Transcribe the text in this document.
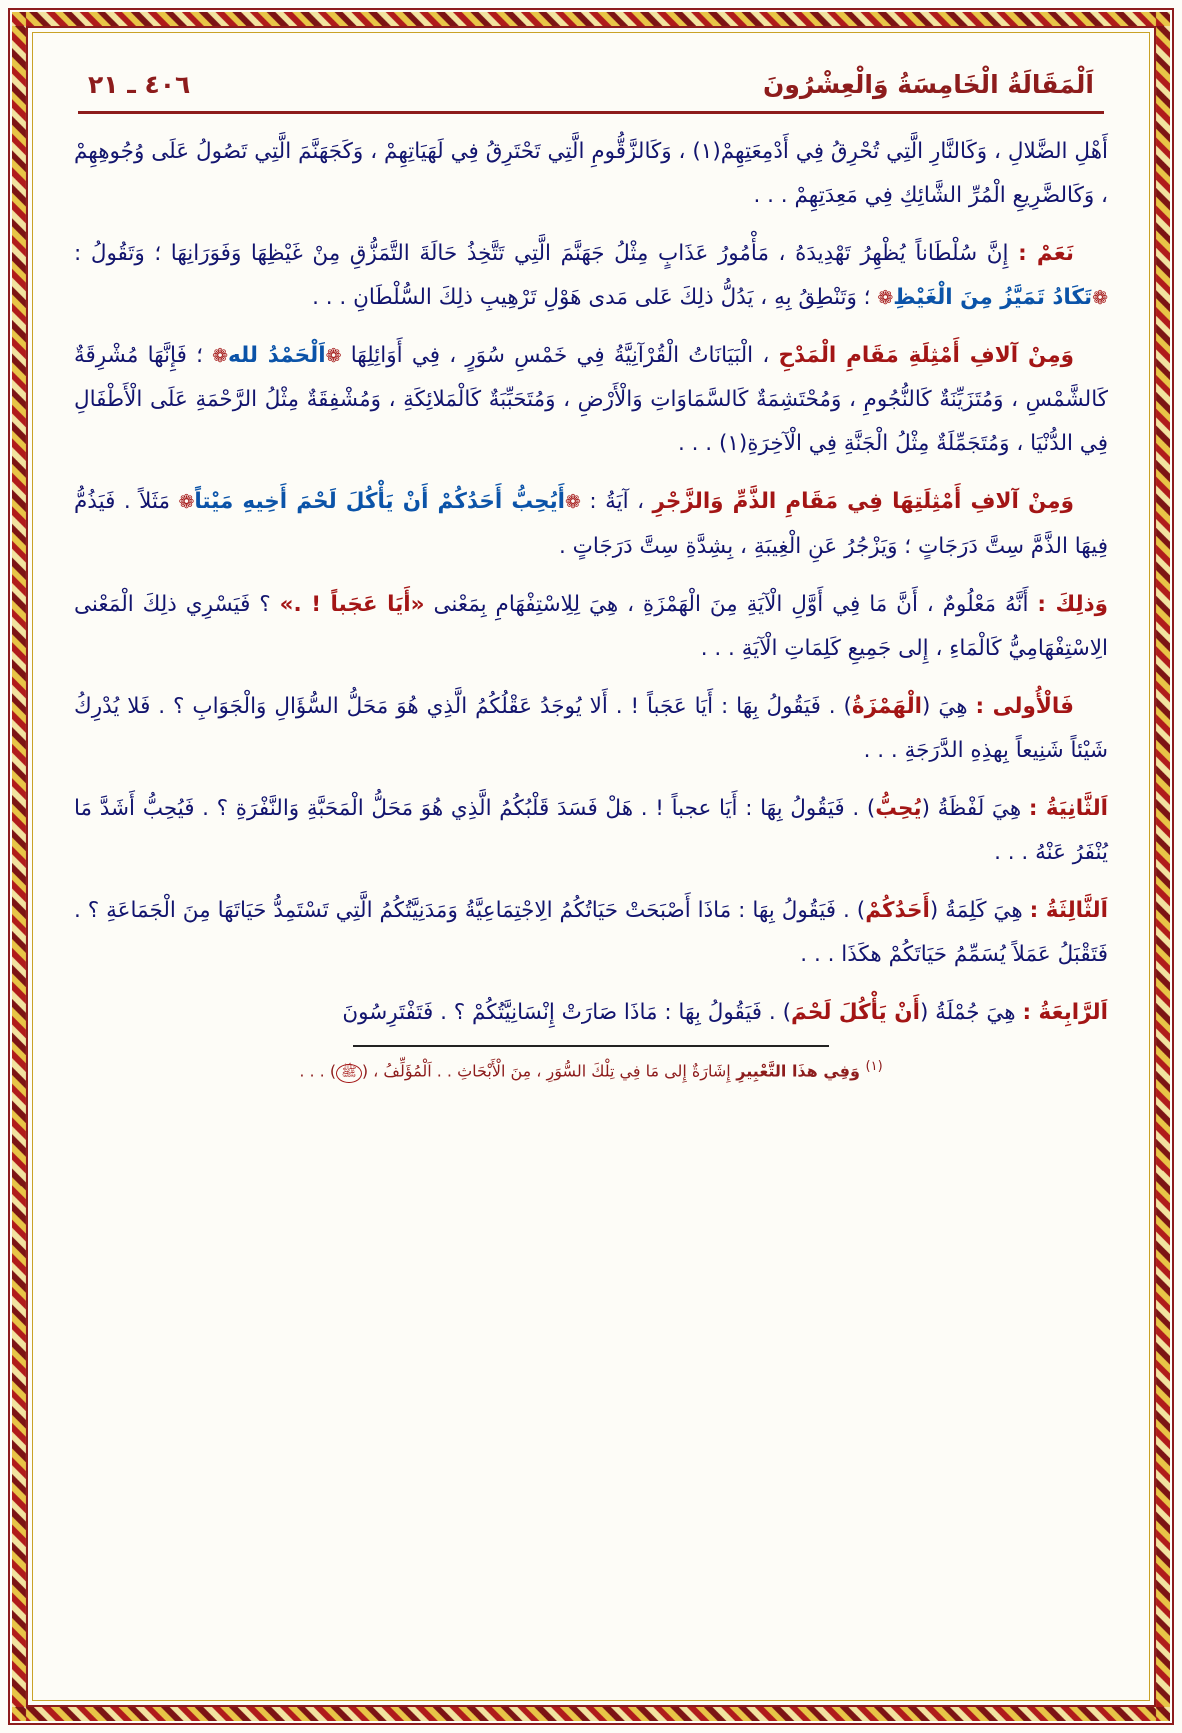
اَلْمَقَالَةُ الْخَامِسَةُ وَالْعِشْرُونَ
٤٠٦ ـ ٢١

أَهْلِ الضَّلالِ ، وَكَالنَّارِ الَّتِي تُحْرِقُ فِي أَدْمِعَتِهِمْ(١) ، وَكَالزَّقُّومِ الَّتِي تَحْتَرِقُ فِي لَهَيَاتِهِمْ ، وَكَجَهَنَّمَ الَّتِي تَصُولُ عَلَى وُجُوهِهِمْ ، وَكَالضَّرِيعِ الْمُرِّ الشَّائِكِ فِي مَعِدَتِهِمْ . . .

نَعَمْ : إِنَّ سُلْطَاناً يُظْهِرُ تَهْدِيدَهُ ، مَأْمُورُ عَذَابٍ مِثْلُ جَهَنَّمَ الَّتِي تَتَّخِذُ حَالَةَ التَّمَزُّقِ مِنْ غَيْظِهَا وَفَوَرَانِهَا ؛ وَتَقُولُ : ❁تَكَادُ تَمَيَّزُ مِنَ الْغَيْظِ❁ ؛ وَتَنْطِقُ بِهِ ، يَدُلُّ ذلِكَ عَلى مَدى هَوْلِ تَرْهِيبِ ذلِكَ السُّلْطَانِ . . .

وَمِنْ آلافِ أَمْثِلَةِ مَقَامِ الْمَدْحِ ، الْبَيَانَاتُ الْقُرْآنِيَّةُ فِي خَمْسِ سُوَرٍ ، فِي أَوَائِلِهَا ❁اَلْحَمْدُ لله❁ ؛ فَإِنَّهَا مُشْرِقَةٌ كَالشَّمْسِ ، وَمُتَزَيِّنَةٌ كَالنُّجُومِ ، وَمُحْتَشِمَةٌ كَالسَّمَاوَاتِ وَالْأَرْضِ ، وَمُتَحَبِّبَةٌ كَالْمَلائِكَةِ ، وَمُشْفِقَةٌ مِثْلُ الرَّحْمَةِ عَلَى الْأَطْفَالِ فِي الدُّنْيَا ، وَمُتَجَمِّلَةٌ مِثْلُ الْجَنَّةِ فِي الْآخِرَةِ(١) . . .

وَمِنْ آلافِ أَمْثِلَتِهَا فِي مَقَامِ الذَّمِّ وَالزَّجْرِ ، آيَةُ : ❁أَيُحِبُّ أَحَدُكُمْ أَنْ يَأْكُلَ لَحْمَ أَخِيهِ مَيْتاً❁ مَثَلاً . فَيَذُمُّ فِيهَا الذَّمَّ سِتَّ دَرَجَاتٍ ؛ وَيَزْجُرُ عَنِ الْغِيبَةِ ، بِشِدَّةِ سِتَّ دَرَجَاتٍ .

وَذلِكَ : أَنَّهُ مَعْلُومٌ ، أَنَّ مَا فِي أَوَّلِ الْآيَةِ مِنَ الْهَمْزَةِ ، هِيَ لِلِاسْتِفْهَامِ بِمَعْنى «أَيَا عَجَباً ! .» ؟ فَيَسْرِي ذلِكَ الْمَعْنى الِاسْتِفْهَامِيُّ كَالْمَاءِ ، إِلى جَمِيعِ كَلِمَاتِ الْآيَةِ . . .

فَالْأُولى : هِيَ (الْهَمْزَةُ) . فَيَقُولُ بِهَا : أَيَا عَجَباً ! . أَلا يُوجَدُ عَقْلُكُمُ الَّذِي هُوَ مَحَلُّ السُّؤَالِ وَالْجَوَابِ ؟ . فَلا يُدْرِكُ شَيْئاً شَنِيعاً بِهذِهِ الدَّرَجَةِ . . .

اَلثَّانِيَةُ : هِيَ لَفْظَةُ (يُحِبُّ) . فَيَقُولُ بِهَا : أَيَا عجباً ! . هَلْ فَسَدَ قَلْبُكُمُ الَّذِي هُوَ مَحَلُّ الْمَحَبَّةِ وَالنَّفْرَةِ ؟ . فَيُحِبُّ أَشَدَّ مَا يُنْفَرُ عَنْهُ . . .

اَلثَّالِثَةُ : هِيَ كَلِمَةُ (أَحَدُكُمْ) . فَيَقُولُ بِهَا : مَاذَا أَصْبَحَتْ حَيَاتُكُمُ الِاجْتِمَاعِيَّةُ وَمَدَنِيَّتُكُمُ الَّتِي تَسْتَمِدُّ حَيَاتَهَا مِنَ الْجَمَاعَةِ ؟ . فَتَقْبَلُ عَمَلاً يُسَمِّمُ حَيَاتَكُمْ هكَذَا . . .

اَلرَّابِعَةُ : هِيَ جُمْلَةُ (أَنْ يَأْكُلَ لَحْمَ) . فَيَقُولُ بِهَا : مَاذَا صَارَتْ إِنْسَانِيَّتُكُمْ ؟ . فَتَفْتَرِسُونَ

$^{(١)}$ وَفِي هذَا التَّعْبِيرِ إِشَارَةٌ إِلى مَا فِي تِلْكَ السُّوَرِ ، مِنَ الْأَبْحَاثِ . . اَلْمُؤَلِّفُ ، (ﷺ) . . .
